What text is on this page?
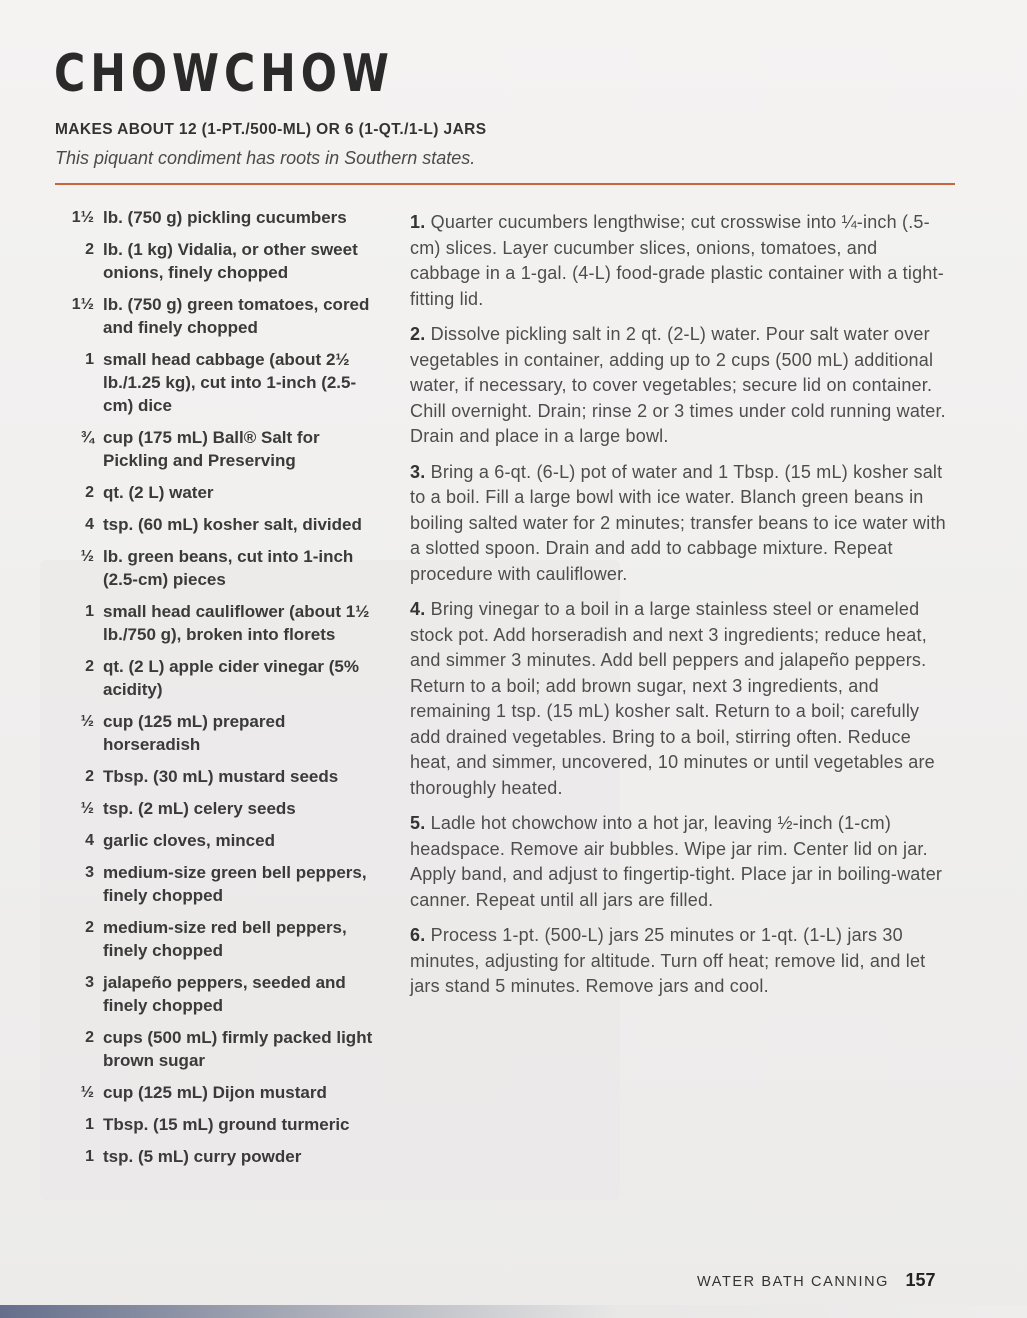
CHOWCHOW
MAKES ABOUT 12 (1-PT./500-ML) OR 6 (1-QT./1-L) JARS
This piquant condiment has roots in Southern states.
1½ lb. (750 g) pickling cucumbers
2 lb. (1 kg) Vidalia, or other sweet onions, finely chopped
1½ lb. (750 g) green tomatoes, cored and finely chopped
1 small head cabbage (about 2½ lb./1.25 kg), cut into 1-inch (2.5-cm) dice
¾ cup (175 mL) Ball® Salt for Pickling and Preserving
2 qt. (2 L) water
4 tsp. (60 mL) kosher salt, divided
½ lb. green beans, cut into 1-inch (2.5-cm) pieces
1 small head cauliflower (about 1½ lb./750 g), broken into florets
2 qt. (2 L) apple cider vinegar (5% acidity)
½ cup (125 mL) prepared horseradish
2 Tbsp. (30 mL) mustard seeds
½ tsp. (2 mL) celery seeds
4 garlic cloves, minced
3 medium-size green bell peppers, finely chopped
2 medium-size red bell peppers, finely chopped
3 jalapeño peppers, seeded and finely chopped
2 cups (500 mL) firmly packed light brown sugar
½ cup (125 mL) Dijon mustard
1 Tbsp. (15 mL) ground turmeric
1 tsp. (5 mL) curry powder

1. Quarter cucumbers lengthwise; cut crosswise into ¼-inch (.5-cm) slices. Layer cucumber slices, onions, tomatoes, and cabbage in a 1-gal. (4-L) food-grade plastic container with a tight-fitting lid.

2. Dissolve pickling salt in 2 qt. (2-L) water. Pour salt water over vegetables in container, adding up to 2 cups (500 mL) additional water, if necessary, to cover vegetables; secure lid on container. Chill overnight. Drain; rinse 2 or 3 times under cold running water. Drain and place in a large bowl.

3. Bring a 6-qt. (6-L) pot of water and 1 Tbsp. (15 mL) kosher salt to a boil. Fill a large bowl with ice water. Blanch green beans in boiling salted water for 2 minutes; transfer beans to ice water with a slotted spoon. Drain and add to cabbage mixture. Repeat procedure with cauliflower.

4. Bring vinegar to a boil in a large stainless steel or enameled stock pot. Add horseradish and next 3 ingredients; reduce heat, and simmer 3 minutes. Add bell peppers and jalapeño peppers. Return to a boil; add brown sugar, next 3 ingredients, and remaining 1 tsp. (15 mL) kosher salt. Return to a boil; carefully add drained vegetables. Bring to a boil, stirring often. Reduce heat, and simmer, uncovered, 10 minutes or until vegetables are thoroughly heated.

5. Ladle hot chowchow into a hot jar, leaving ½-inch (1-cm) headspace. Remove air bubbles. Wipe jar rim. Center lid on jar. Apply band, and adjust to fingertip-tight. Place jar in boiling-water canner. Repeat until all jars are filled.

6. Process 1-pt. (500-L) jars 25 minutes or 1-qt. (1-L) jars 30 minutes, adjusting for altitude. Turn off heat; remove lid, and let jars stand 5 minutes. Remove jars and cool.

WATER BATH CANNING 157
